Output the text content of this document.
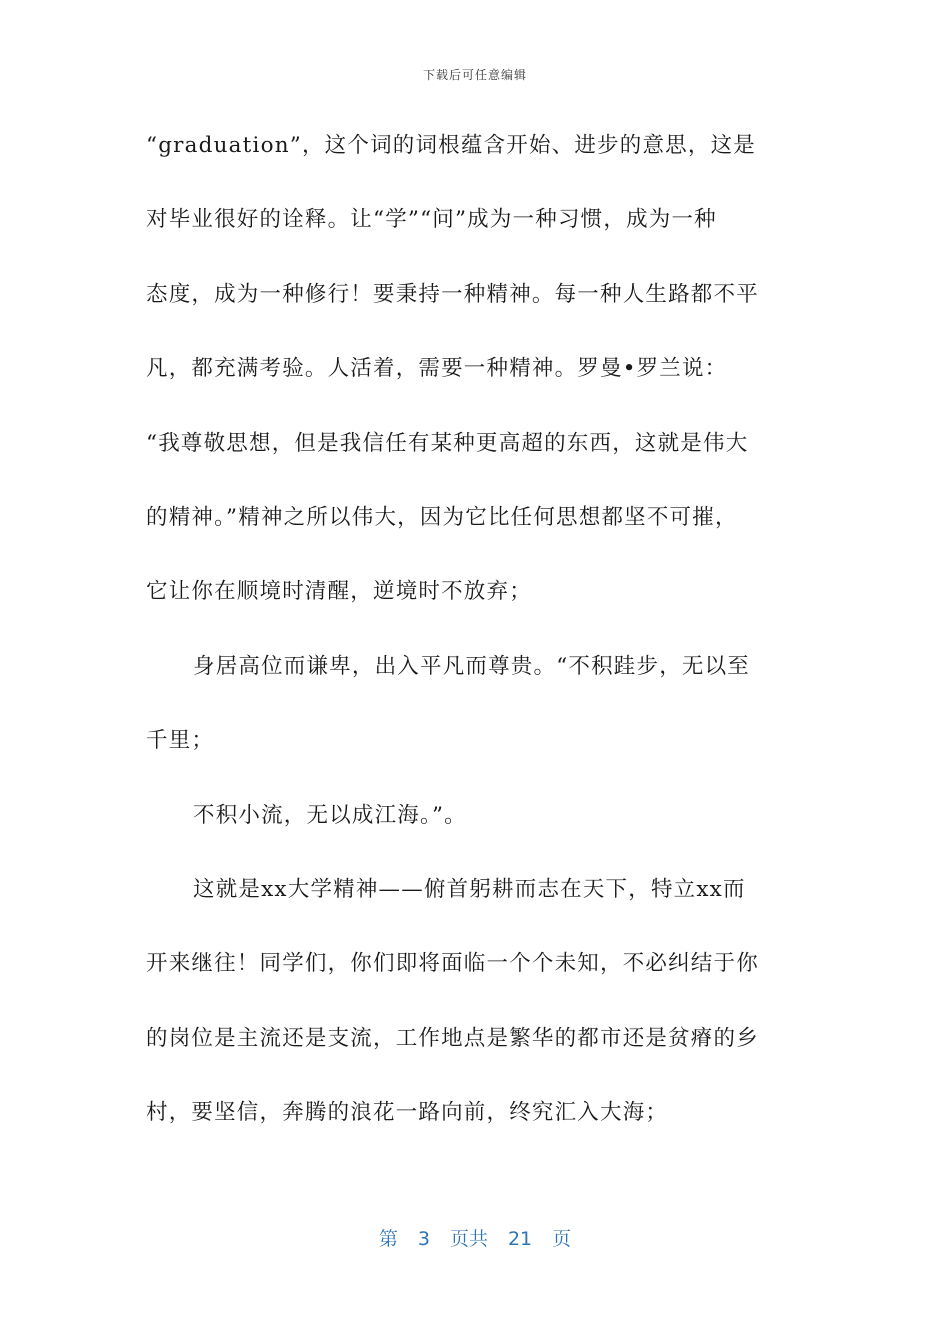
下载后可任意编辑
“graduation”，这个词的词根蕴含开始、进步的意思，这是
对毕业很好的诠释。让“学”“问”成为一种习惯，成为一种
态度，成为一种修行！要秉持一种精神。每一种人生路都不平
凡，都充满考验。人活着，需要一种精神。罗曼•罗兰说：
“我尊敬思想，但是我信任有某种更高超的东西，这就是伟大
的精神。”精神之所以伟大，因为它比任何思想都坚不可摧，
它让你在顺境时清醒，逆境时不放弃；
身居高位而谦卑，出入平凡而尊贵。“不积跬步，无以至
千里；
不积小流，无以成江海。”。
这就是xx大学精神——俯首躬耕而志在天下，特立xx而
开来继往！同学们，你们即将面临一个个未知，不必纠结于你
的岗位是主流还是支流，工作地点是繁华的都市还是贫瘠的乡
村，要坚信，奔腾的浪花一路向前，终究汇入大海；
第 3 页共 21 页
